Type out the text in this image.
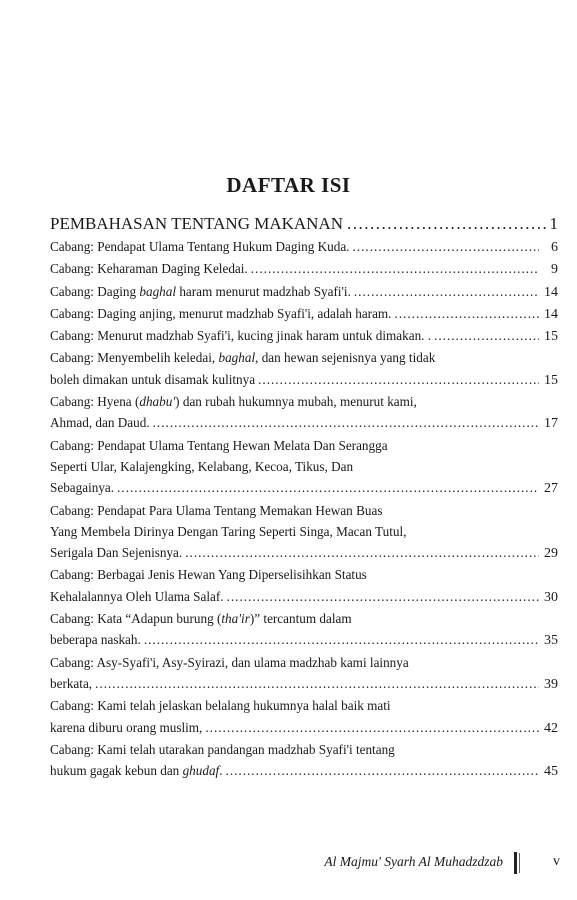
DAFTAR ISI
PEMBAHASAN TENTANG MAKANAN .....	1
Cabang: Pendapat Ulama Tentang Hukum Daging Kuda. .....	6
Cabang: Keharaman Daging Keledai. .....	9
Cabang: Daging baghal haram menurut madzhab Syafi'i. .....	14
Cabang: Daging anjing, menurut madzhab Syafi'i, adalah haram. .....	14
Cabang: Menurut madzhab Syafi'i, kucing jinak haram untuk dimakan. . .....	15
Cabang: Menyembelih keledai, baghal, dan hewan sejenisnya yang tidak
boleh dimakan untuk disamak kulitnya .....	15
Cabang: Hyena (dhabu') dan rubah hukumnya mubah, menurut kami,
Ahmad, dan Daud. .....	17
Cabang: Pendapat Ulama Tentang Hewan Melata Dan Serangga
Seperti Ular, Kalajengking, Kelabang, Kecoa, Tikus, Dan
Sebagainya. .....	27
Cabang: Pendapat Para Ulama Tentang Memakan Hewan Buas
Yang Membela Dirinya Dengan Taring Seperti Singa, Macan Tutul,
Serigala Dan Sejenisnya. .....	29
Cabang: Berbagai Jenis Hewan Yang Diperselisihkan Status
Kehalalannya Oleh Ulama Salaf. .....	30
Cabang: Kata “Adapun burung (tha'ir)” tercantum dalam
beberapa naskah. .....	35
Cabang: Asy-Syafi'i, Asy-Syirazi, dan ulama madzhab kami lainnya
berkata, .....	39
Cabang: Kami telah jelaskan belalang hukumnya halal baik mati
karena diburu orang muslim, .....	42
Cabang: Kami telah utarakan pandangan madzhab Syafi'i tentang
hukum gagak kebun dan ghudaf. .....	45
Al Majmu' Syarh Al Muhadzdzab	v
